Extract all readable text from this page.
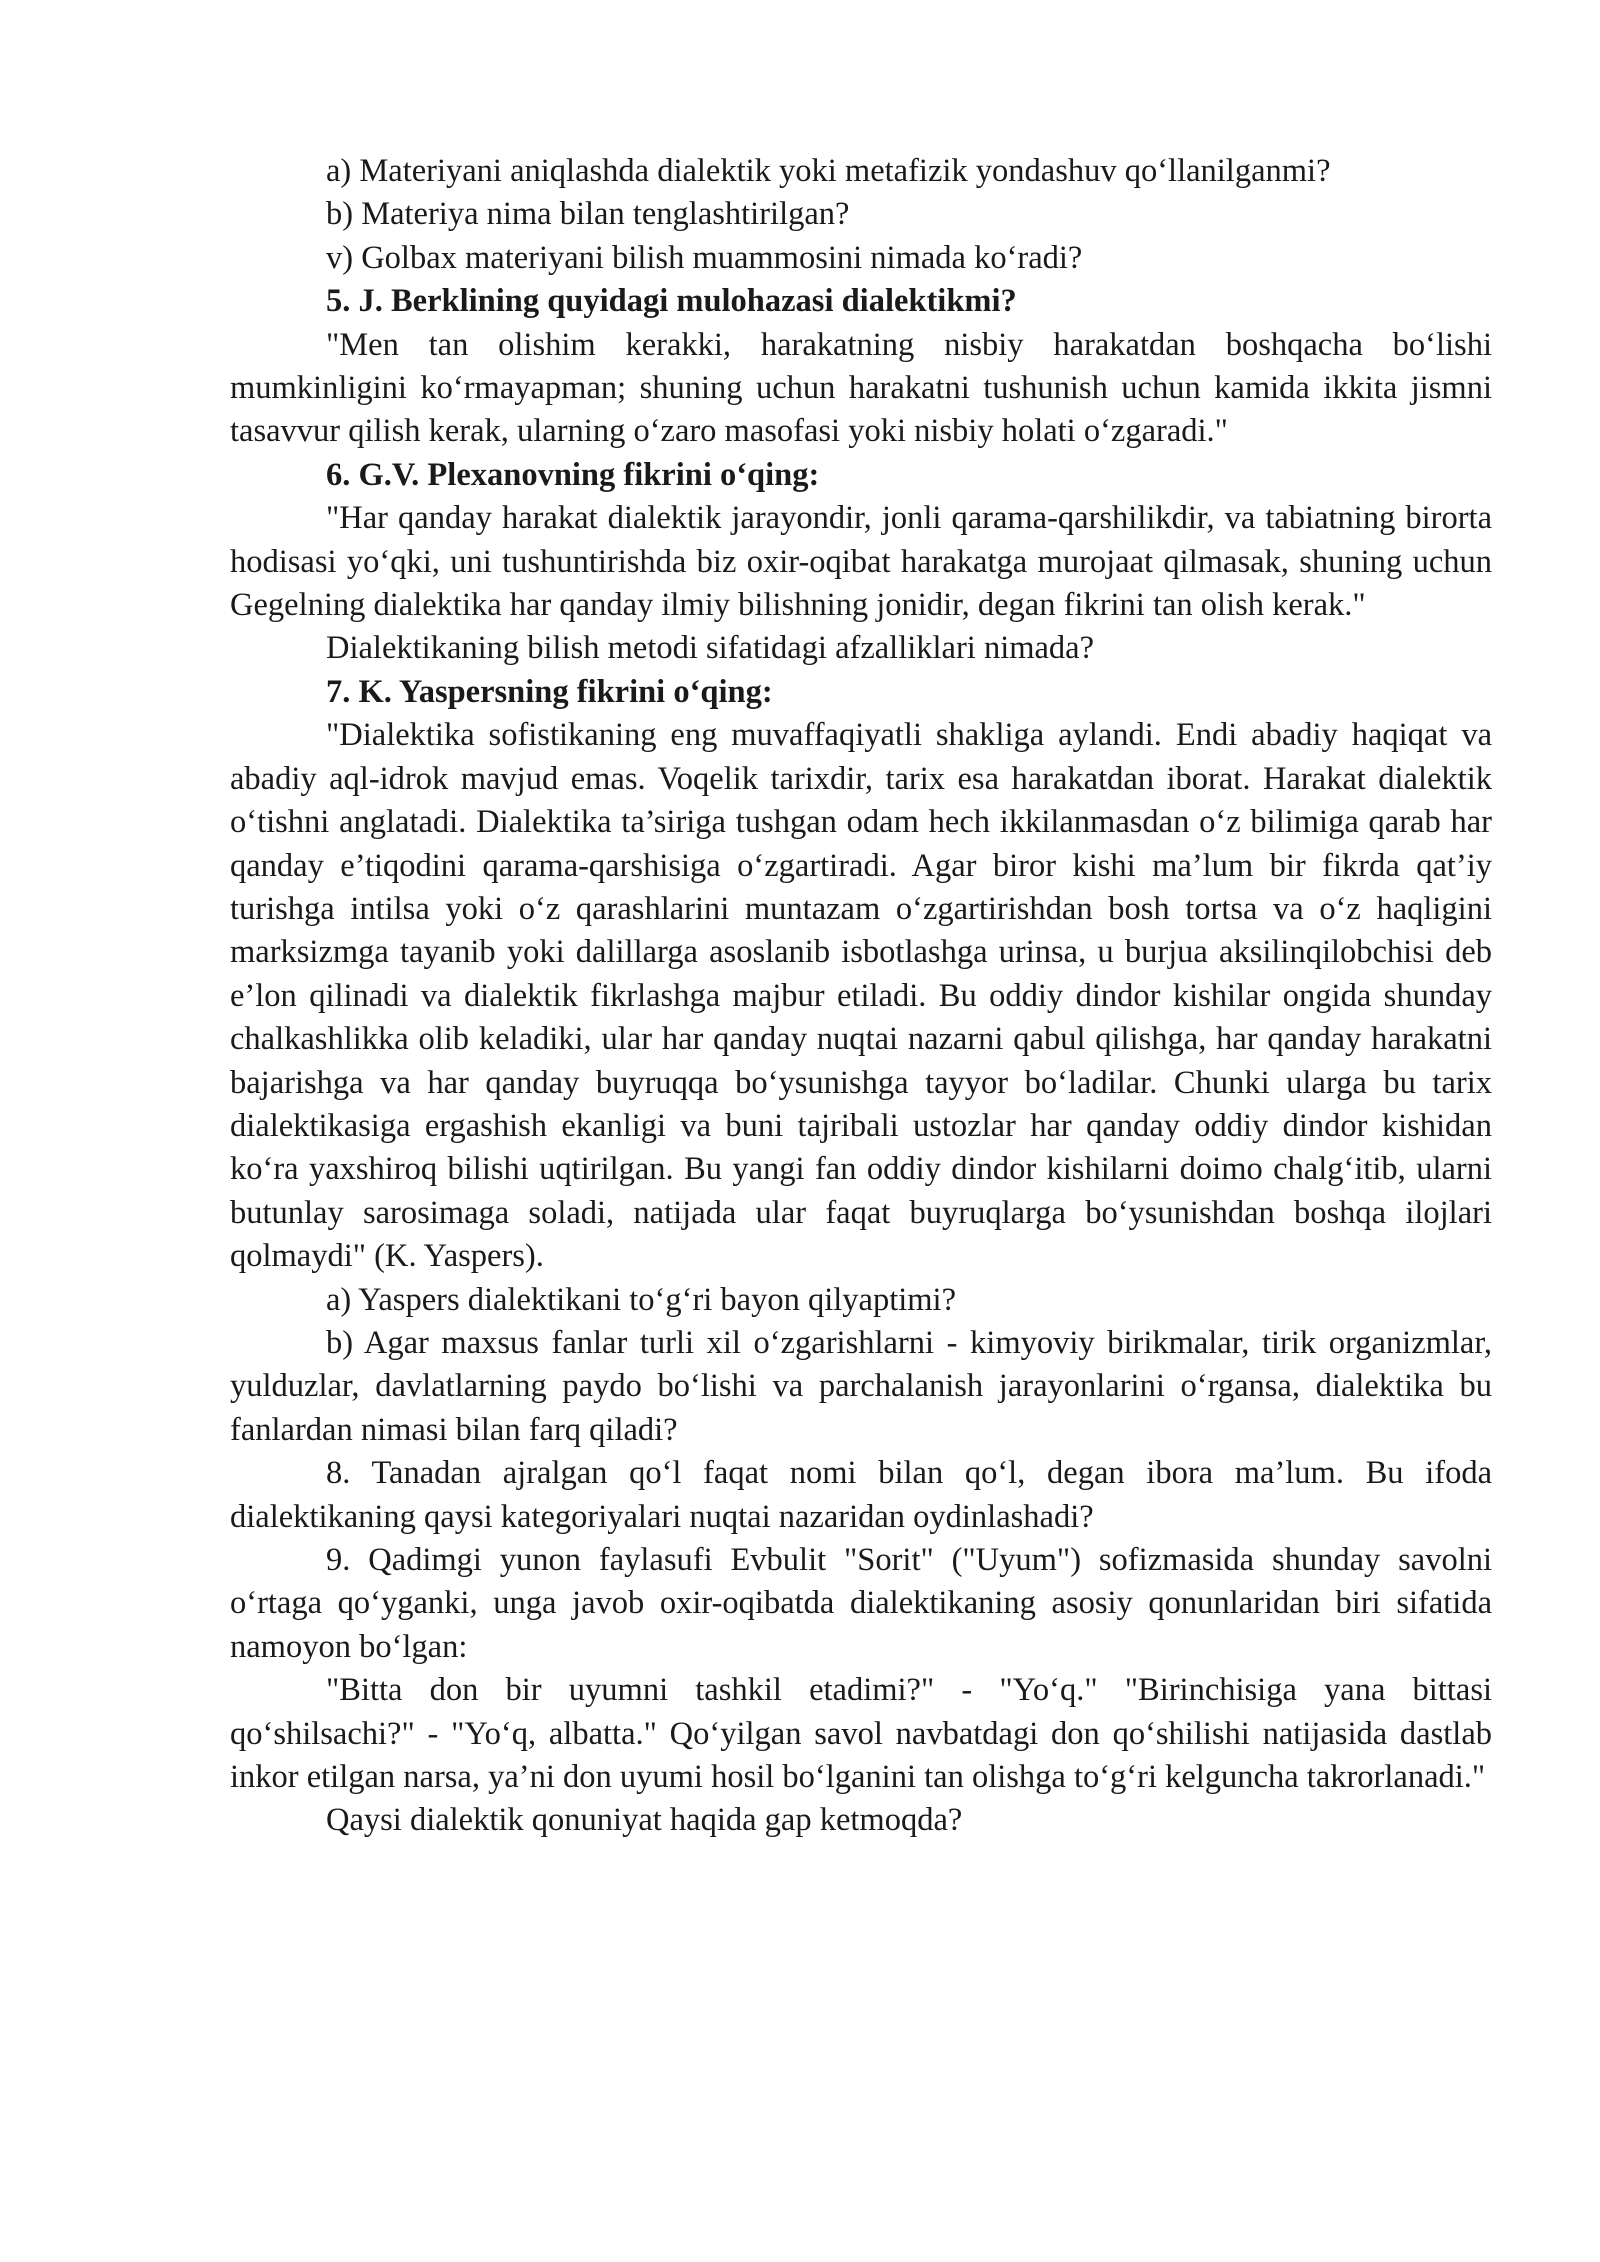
a) Materiyani aniqlashda dialektik yoki metafizik yondashuv qo‘llanilganmi?

b) Materiya nima bilan tenglashtirilgan?

v) Golbax materiyani bilish muammosini nimada ko‘radi?

5. J. Berklining quyidagi mulohazasi dialektikmi?

"Men tan olishim kerakki, harakatning nisbiy harakatdan boshqacha bo‘lishi mumkinligini ko‘rmayapman; shuning uchun harakatni tushunish uchun kamida ikkita jismni tasavvur qilish kerak, ularning o‘zaro masofasi yoki nisbiy holati o‘zgaradi."

6. G.V. Plexanovning fikrini o‘qing:

"Har qanday harakat dialektik jarayondir, jonli qarama-qarshilikdir, va tabiatning birorta hodisasi yo‘qki, uni tushuntirishda biz oxir-oqibat harakatga murojaat qilmasak, shuning uchun Gegelning dialektika har qanday ilmiy bilishning jonidir, degan fikrini tan olish kerak."

Dialektikaning bilish metodi sifatidagi afzalliklari nimada?

7. K. Yaspersning fikrini o‘qing:

"Dialektika sofistikaning eng muvaffaqiyatli shakliga aylandi. Endi abadiy haqiqat va abadiy aql-idrok mavjud emas. Voqelik tarixdir, tarix esa harakatdan iborat. Harakat dialektik o‘tishni anglatadi. Dialektika ta’siriga tushgan odam hech ikkilanmasdan o‘z bilimiga qarab har qanday e’tiqodini qarama-qarshisiga o‘zgartiradi. Agar biror kishi ma’lum bir fikrda qat’iy turishga intilsa yoki o‘z qarashlarini muntazam o‘zgartirishdan bosh tortsa va o‘z haqligini marksizmga tayanib yoki dalillarga asoslanib isbotlashga urinsa, u burjua aksilinqilobchisi deb e’lon qilinadi va dialektik fikrlashga majbur etiladi. Bu oddiy dindor kishilar ongida shunday chalkashlikka olib keladiki, ular har qanday nuqtai nazarni qabul qilishga, har qanday harakatni bajarishga va har qanday buyruqqa bo‘ysunishga tayyor bo‘ladilar. Chunki ularga bu tarix dialektikasiga ergashish ekanligi va buni tajribali ustozlar har qanday oddiy dindor kishidan ko‘ra yaxshiroq bilishi uqtirilgan. Bu yangi fan oddiy dindor kishilarni doimo chalg‘itib, ularni butunlay sarosimaga soladi, natijada ular faqat buyruqlarga bo‘ysunishdan boshqa ilojlari qolmaydi" (K. Yaspers).

a) Yaspers dialektikani to‘g‘ri bayon qilyaptimi?

b) Agar maxsus fanlar turli xil o‘zgarishlarni - kimyoviy birikmalar, tirik organizmlar, yulduzlar, davlatlarning paydo bo‘lishi va parchalanish jarayonlarini o‘rgansa, dialektika bu fanlardan nimasi bilan farq qiladi?

8. Tanadan ajralgan qo‘l faqat nomi bilan qo‘l, degan ibora ma’lum. Bu ifoda dialektikaning qaysi kategoriyalari nuqtai nazaridan oydinlashadi?

9. Qadimgi yunon faylasufi Evbulit "Sorit" ("Uyum") sofizmasida shunday savolni o‘rtaga qo‘yganki, unga javob oxir-oqibatda dialektikaning asosiy qonunlaridan biri sifatida namoyon bo‘lgan:

"Bitta don bir uyumni tashkil etadimi?" - "Yo‘q." "Birinchisiga yana bittasi qo‘shilsachi?" - "Yo‘q, albatta." Qo‘yilgan savol navbatdagi don qo‘shilishi natijasida dastlab inkor etilgan narsa, ya’ni don uyumi hosil bo‘lganini tan olishga to‘g‘ri kelguncha takrorlanadi."

Qaysi dialektik qonuniyat haqida gap ketmoqda?
